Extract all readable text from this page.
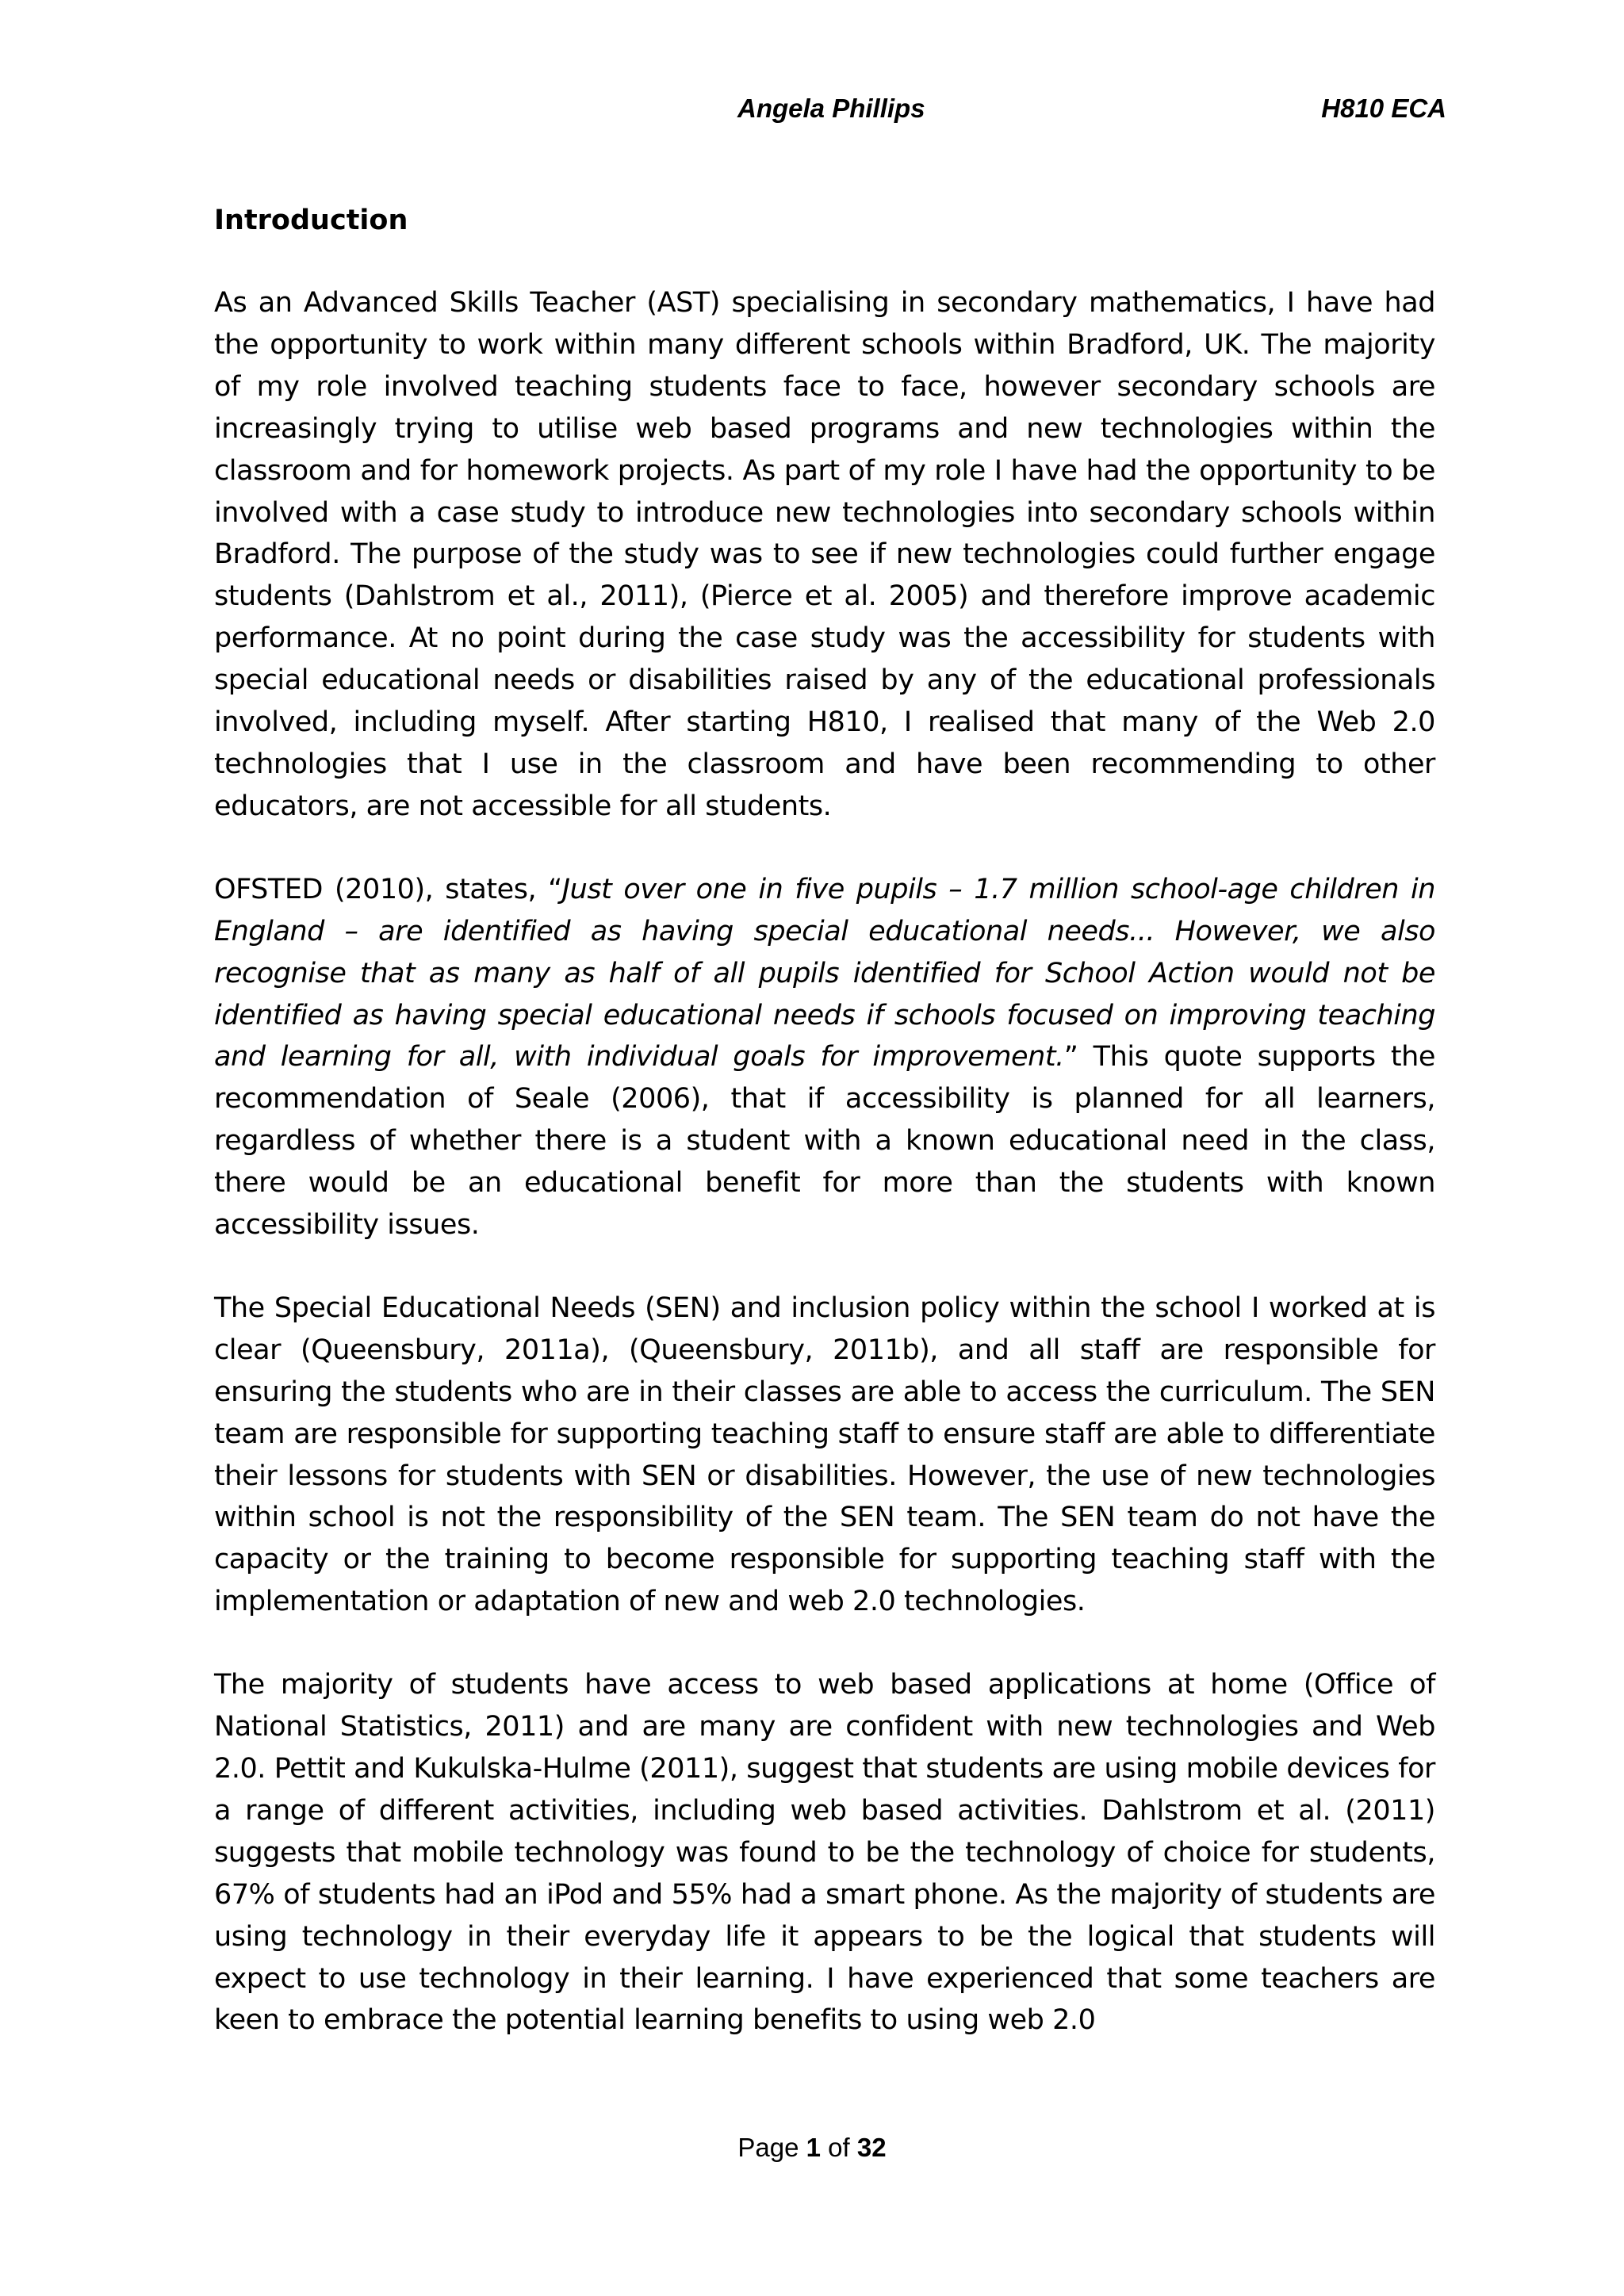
Angela Phillips	H810 ECA
Introduction

As an Advanced Skills Teacher (AST) specialising in secondary mathematics, I have had the opportunity to work within many different schools within Bradford, UK. The majority of my role involved teaching students face to face, however secondary schools are increasingly trying to utilise web based programs and new technologies within the classroom and for homework projects. As part of my role I have had the opportunity to be involved with a case study to introduce new technologies into secondary schools within Bradford. The purpose of the study was to see if new technologies could further engage students (Dahlstrom et al., 2011), (Pierce et al. 2005) and therefore improve academic performance. At no point during the case study was the accessibility for students with special educational needs or disabilities raised by any of the educational professionals involved, including myself. After starting H810, I realised that many of the Web 2.0 technologies that I use in the classroom and have been recommending to other educators, are not accessible for all students.

OFSTED (2010), states, “Just over one in five pupils – 1.7 million school-age children in England – are identified as having special educational needs... However, we also recognise that as many as half of all pupils identified for School Action would not be identified as having special educational needs if schools focused on improving teaching and learning for all, with individual goals for improvement.” This quote supports the recommendation of Seale (2006), that if accessibility is planned for all learners, regardless of whether there is a student with a known educational need in the class, there would be an educational benefit for more than the students with known accessibility issues.

The Special Educational Needs (SEN) and inclusion policy within the school I worked at is clear (Queensbury, 2011a), (Queensbury, 2011b), and all staff are responsible for ensuring the students who are in their classes are able to access the curriculum. The SEN team are responsible for supporting teaching staff to ensure staff are able to differentiate their lessons for students with SEN or disabilities. However, the use of new technologies within school is not the responsibility of the SEN team. The SEN team do not have the capacity or the training to become responsible for supporting teaching staff with the implementation or adaptation of new and web 2.0 technologies.

The majority of students have access to web based applications at home (Office of National Statistics, 2011) and are many are confident with new technologies and Web 2.0. Pettit and Kukulska-Hulme (2011), suggest that students are using mobile devices for a range of different activities, including web based activities. Dahlstrom et al. (2011) suggests that mobile technology was found to be the technology of choice for students, 67% of students had an iPod and 55% had a smart phone. As the majority of students are using technology in their everyday life it appears to be the logical that students will expect to use technology in their learning. I have experienced that some teachers are keen to embrace the potential learning benefits to using web 2.0

Page 1 of 32
